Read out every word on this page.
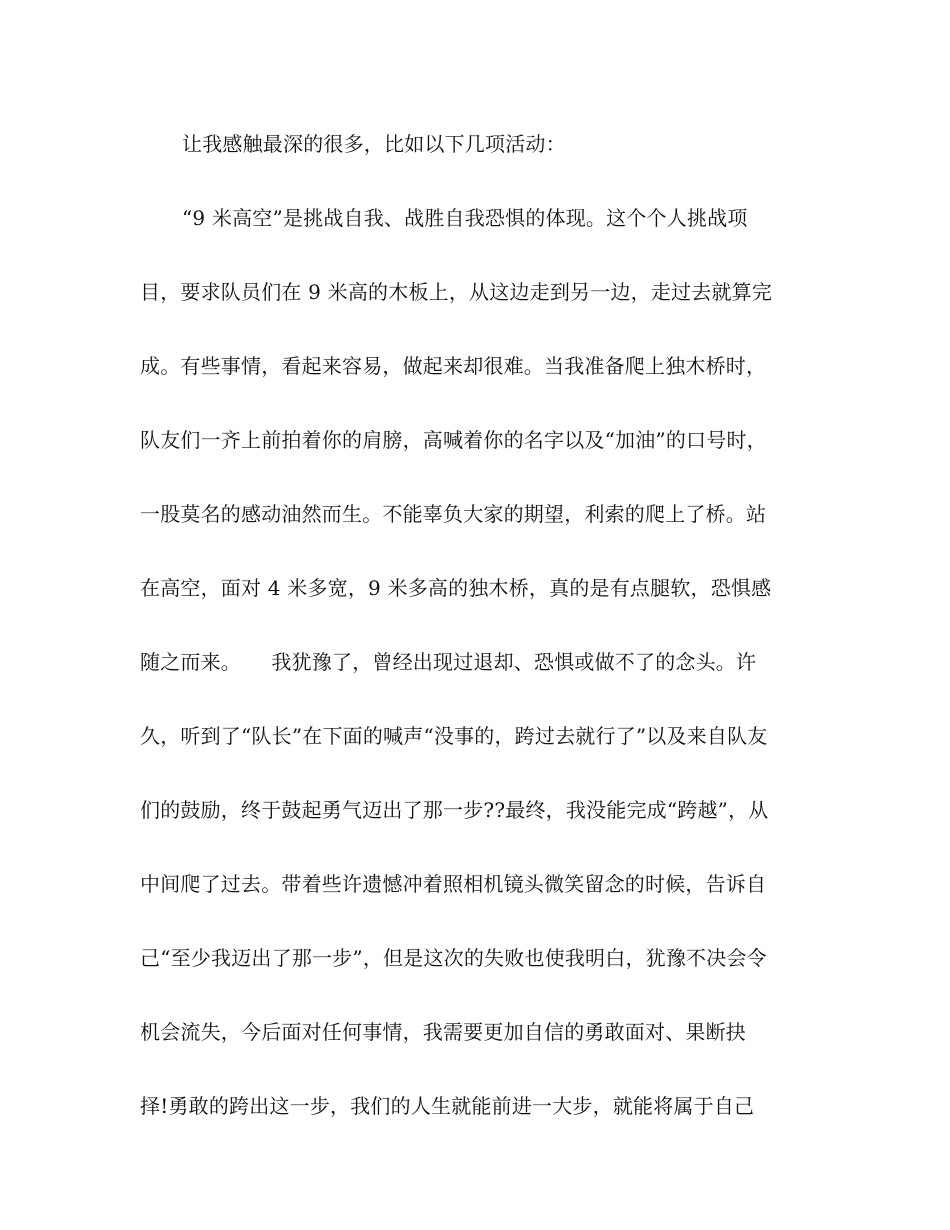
让我感触最深的很多，比如以下几项活动：
“9 米高空”是挑战自我、战胜自我恐惧的体现。这个个人挑战项
目，要求队员们在 9 米高的木板上，从这边走到另一边，走过去就算完
成。有些事情，看起来容易，做起来却很难。当我准备爬上独木桥时，
队友们一齐上前拍着你的肩膀，高喊着你的名字以及“加油”的口号时，
一股莫名的感动油然而生。不能辜负大家的期望，利索的爬上了桥。站
在高空，面对 4 米多宽，9 米多高的独木桥，真的是有点腿软，恐惧感
随之而来。　　我犹豫了，曾经出现过退却、恐惧或做不了的念头。许
久，听到了“队长”在下面的喊声“没事的，跨过去就行了”以及来自队友
们的鼓励，终于鼓起勇气迈出了那一步??最终，我没能完成“跨越”，从
中间爬了过去。带着些许遗憾冲着照相机镜头微笑留念的时候，告诉自
己“至少我迈出了那一步”，但是这次的失败也使我明白，犹豫不决会令
机会流失，今后面对任何事情，我需要更加自信的勇敢面对、果断抉
择!勇敢的跨出这一步，我们的人生就能前进一大步，就能将属于自己
